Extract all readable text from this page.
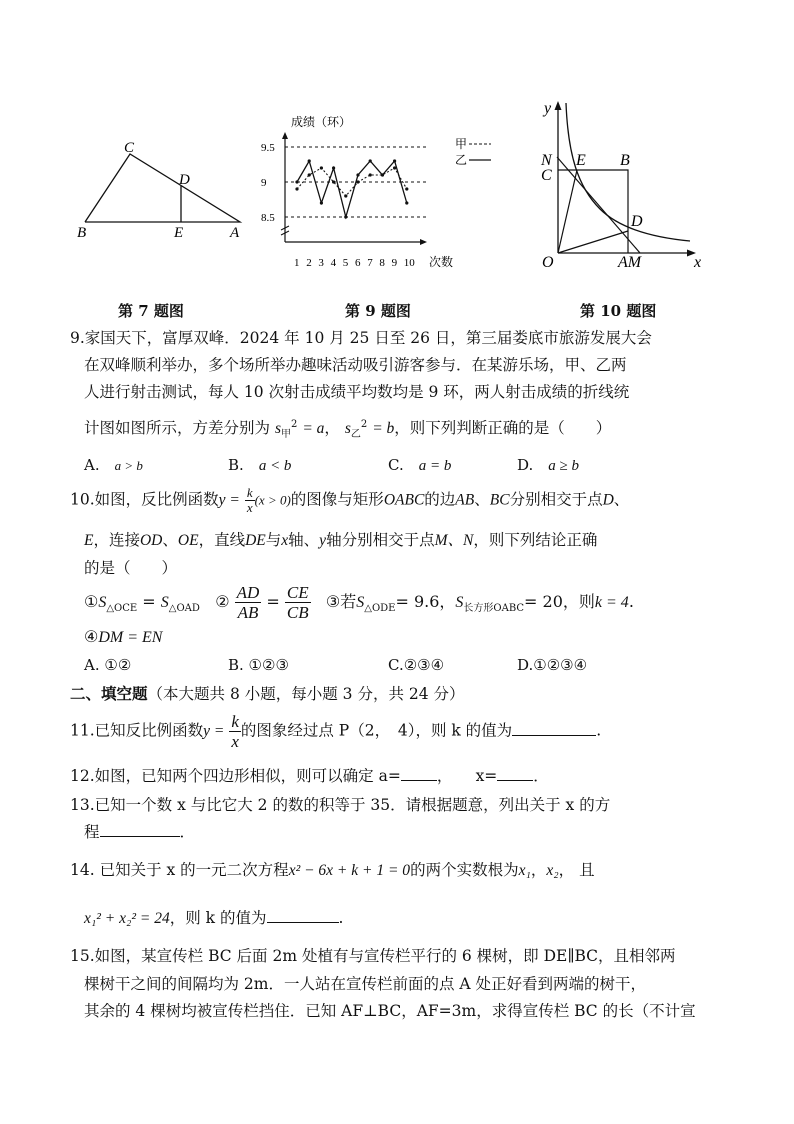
C
D
B	E	A
第 7 题图
成绩（环）
甲
乙
9.5
9
8.5
1 2 3 4 5 6 7 8 9 10 次数
第 9 题图
y
N E B
C
D
O	AM	x
第 10 题图
9.家国天下，富厚双峰．2024 年 10 月 25 日至 26 日，第三届娄底市旅游发展大会
在双峰顺利举办，多个场所举办趣味活动吸引游客参与．在某游乐场，甲、乙两
人进行射击测试，每人 10 次射击成绩平均数均是 9 环，两人射击成绩的折线统
计图如图所示，方差分别为 $s_甲^2 = a$， $s_乙^2 = b$，则下列判断正确的是（　　）
A.　 a > b	B.　 a < b	C.　 a = b	D.　 a ≥ b
10.如图，反比例函数$y = \frac{k}{x} (x > 0)$的图像与矩形OABC的边AB、BC分别相交于点D、
E，连接OD、OE，直线DE与x轴、y轴分别相交于点M、N，则下列结论正确
的是（　　）
$①S_{\triangle OCE} = S_{\triangle OAD}$ ② $\frac{AD}{AB} = \frac{CE}{CB}$ ③若$S_{\triangle ODE}= 9.6$，$S_{长方形OABC}= 20$，则k = 4.
④DM = EN
A. ①②	B. ①②③	C.②③④	D.①②③④
二、填空题（本大题共 8 小题，每小题 3 分，共 24 分）
11.已知反比例函数$y = \frac{k}{x}$ 的图象经过点 P（2，　4），则 k 的值为	.
12.如图，已知两个四边形相似，则可以确定 a= ，　　x= ．
13.已知一个数 x 与比它大 2 的数的积等于 35．请根据题意，列出关于 x 的方
程	．
14. 已知关于 x 的一元二次方程x² − 6x + k + 1 = 0的两个实数根为x₁，x₂， 且
x₁² + x₂² = 24，则 k 的值为	.
15.如图，某宣传栏 BC 后面 2m 处植有与宣传栏平行的 6 棵树，即 DE∥BC，且相邻两
棵树干之间的间隔均为 2m．一人站在宣传栏前面的点 A 处正好看到两端的树干，
其余的 4 棵树均被宣传栏挡住．已知 AF⊥BC，AF=3m，求得宣传栏 BC 的长（不计宣
